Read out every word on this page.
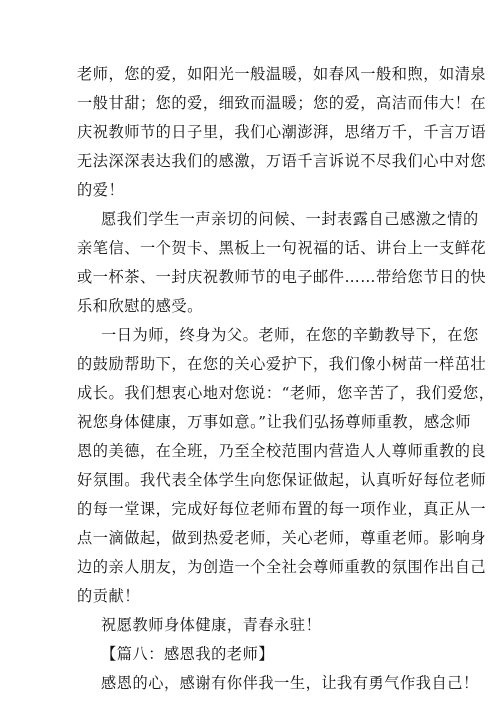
老师，您的爱，如阳光一般温暖，如春风一般和煦，如清泉
一般甘甜；您的爱，细致而温暖；您的爱，高洁而伟大！在
庆祝教师节的日子里，我们心潮澎湃，思绪万千，千言万语
无法深深表达我们的感激，万语千言诉说不尽我们心中对您
的爱！
愿我们学生一声亲切的问候、一封表露自己感激之情的
亲笔信、一个贺卡、黑板上一句祝福的话、讲台上一支鲜花
或一杯茶、一封庆祝教师节的电子邮件……带给您节日的快
乐和欣慰的感受。
一日为师，终身为父。老师，在您的辛勤教导下，在您
的鼓励帮助下，在您的关心爱护下，我们像小树苗一样茁壮
成长。我们想衷心地对您说：“老师，您辛苦了，我们爱您，
祝您身体健康，万事如意。”让我们弘扬尊师重教，感念师
恩的美德，在全班，乃至全校范围内营造人人尊师重教的良
好氛围。我代表全体学生向您保证做起，认真听好每位老师
的每一堂课，完成好每位老师布置的每一项作业，真正从一
点一滴做起，做到热爱老师，关心老师，尊重老师。影响身
边的亲人朋友，为创造一个全社会尊师重教的氛围作出自己
的贡献！
祝愿教师身体健康，青春永驻！
【篇八：感恩我的老师】
感恩的心，感谢有你伴我一生，让我有勇气作我自己！
